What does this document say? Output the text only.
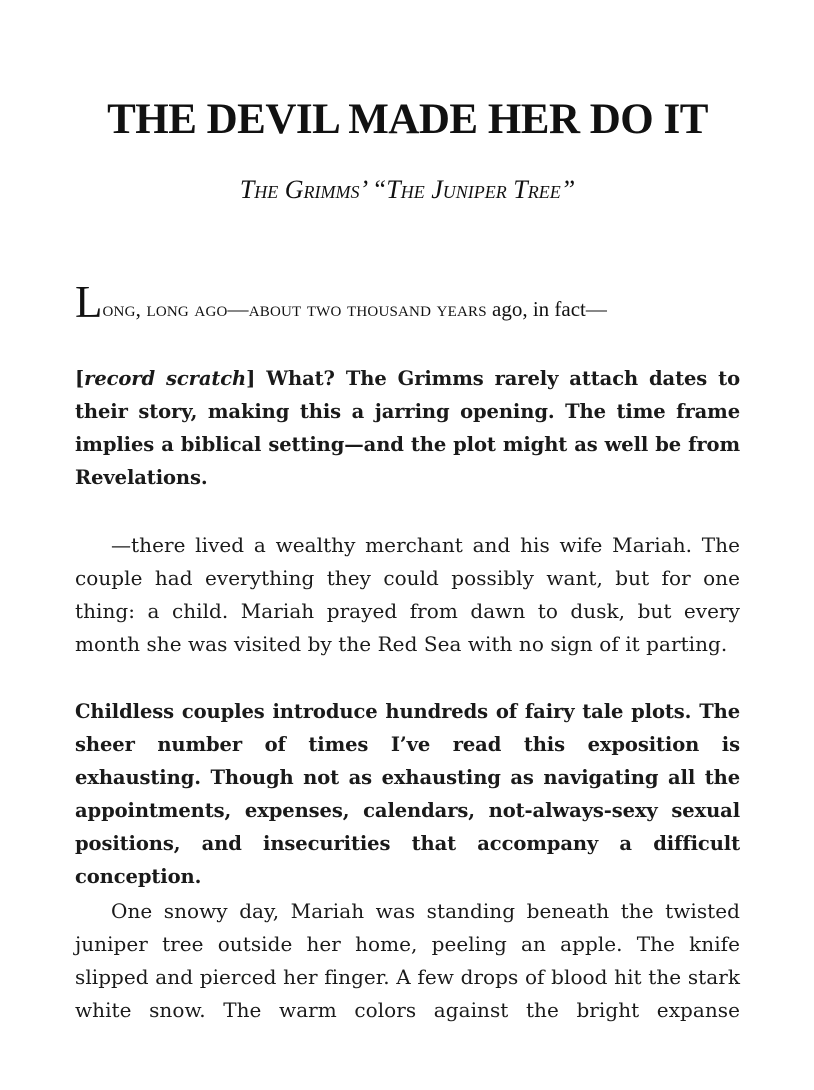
THE DEVIL MADE HER DO IT

The Grimms’ “The Juniper Tree”

Long, long ago—about two thousand years ago, in fact—

[record scratch] What? The Grimms rarely attach dates to their story, making this a jarring opening. The time frame implies a biblical setting—and the plot might as well be from Revelations.

—there lived a wealthy merchant and his wife Mariah. The couple had everything they could possibly want, but for one thing: a child. Mariah prayed from dawn to dusk, but every month she was visited by the Red Sea with no sign of it parting.

Childless couples introduce hundreds of fairy tale plots. The sheer number of times I’ve read this exposition is exhausting. Though not as exhausting as navigating all the appointments, expenses, calendars, not-always-sexy sexual positions, and insecurities that accompany a difficult conception.

One snowy day, Mariah was standing beneath the twisted juniper tree outside her home, peeling an apple. The knife slipped and pierced her finger. A few drops of blood hit the stark white snow. The warm colors against the bright expanse
